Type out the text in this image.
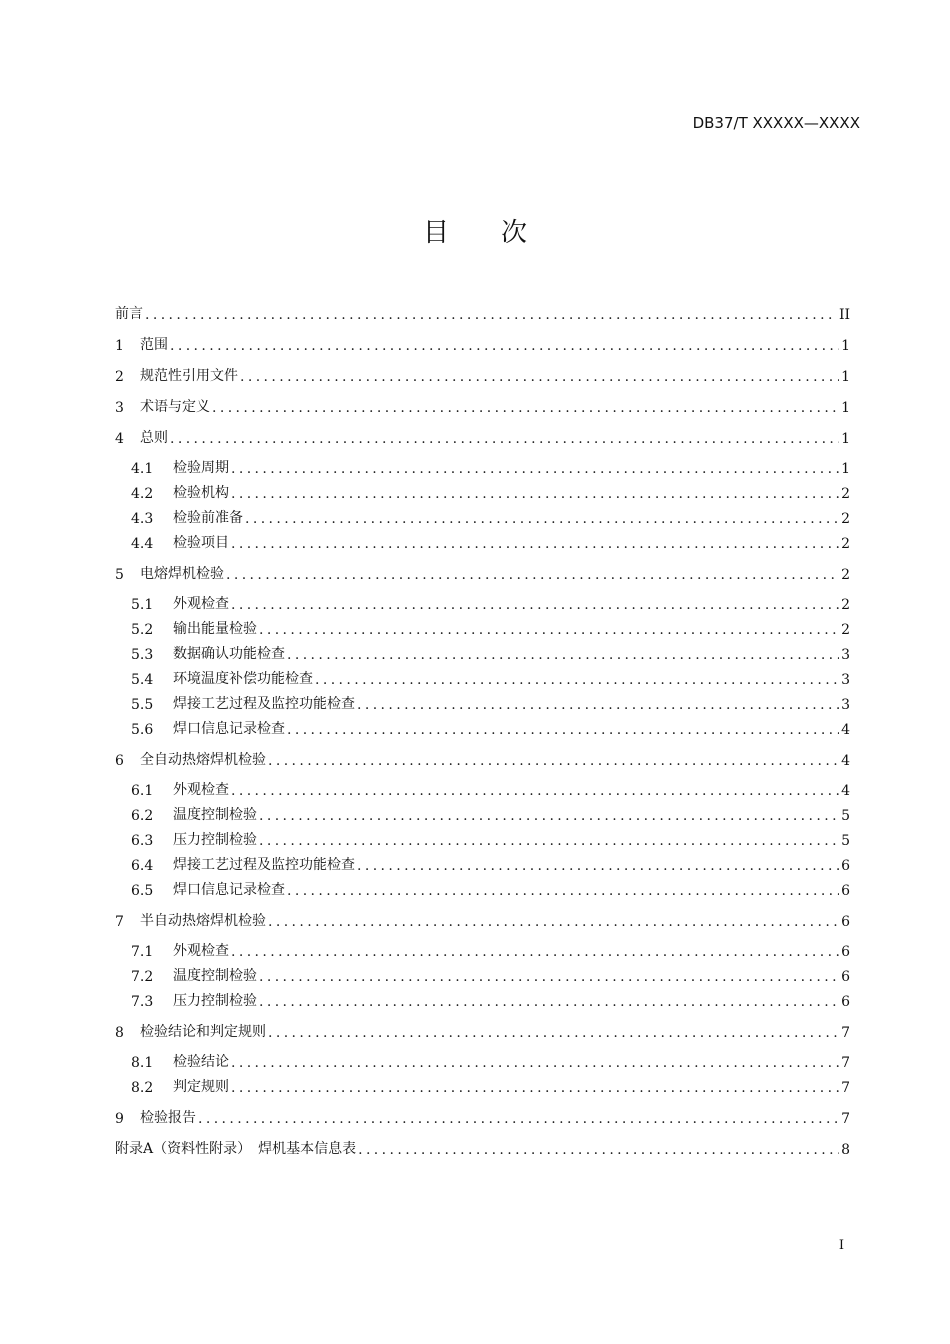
DB37/T XXXXX—XXXX
目次
前言 .....	II
1	范围 .....	1
2	规范性引用文件 .....	1
3	术语与定义 .....	1
4	总则 .....	1
4.1	检验周期 .....	1
4.2	检验机构 .....	2
4.3	检验前准备 .....	2
4.4	检验项目 .....	2
5	电熔焊机检验 .....	2
5.1	外观检查 .....	2
5.2	输出能量检验 .....	2
5.3	数据确认功能检查 .....	3
5.4	环境温度补偿功能检查 .....	3
5.5	焊接工艺过程及监控功能检查 .....	3
5.6	焊口信息记录检查 .....	4
6	全自动热熔焊机检验 .....	4
6.1	外观检查 .....	4
6.2	温度控制检验 .....	5
6.3	压力控制检验 .....	5
6.4	焊接工艺过程及监控功能检查 .....	6
6.5	焊口信息记录检查 .....	6
7	半自动热熔焊机检验 .....	6
7.1	外观检查 .....	6
7.2	温度控制检验 .....	6
7.3	压力控制检验 .....	6
8	检验结论和判定规则 .....	7
8.1	检验结论 .....	7
8.2	判定规则 .....	7
9	检验报告 .....	7
附录A（资料性附录）　焊机基本信息表 .....	8
I
